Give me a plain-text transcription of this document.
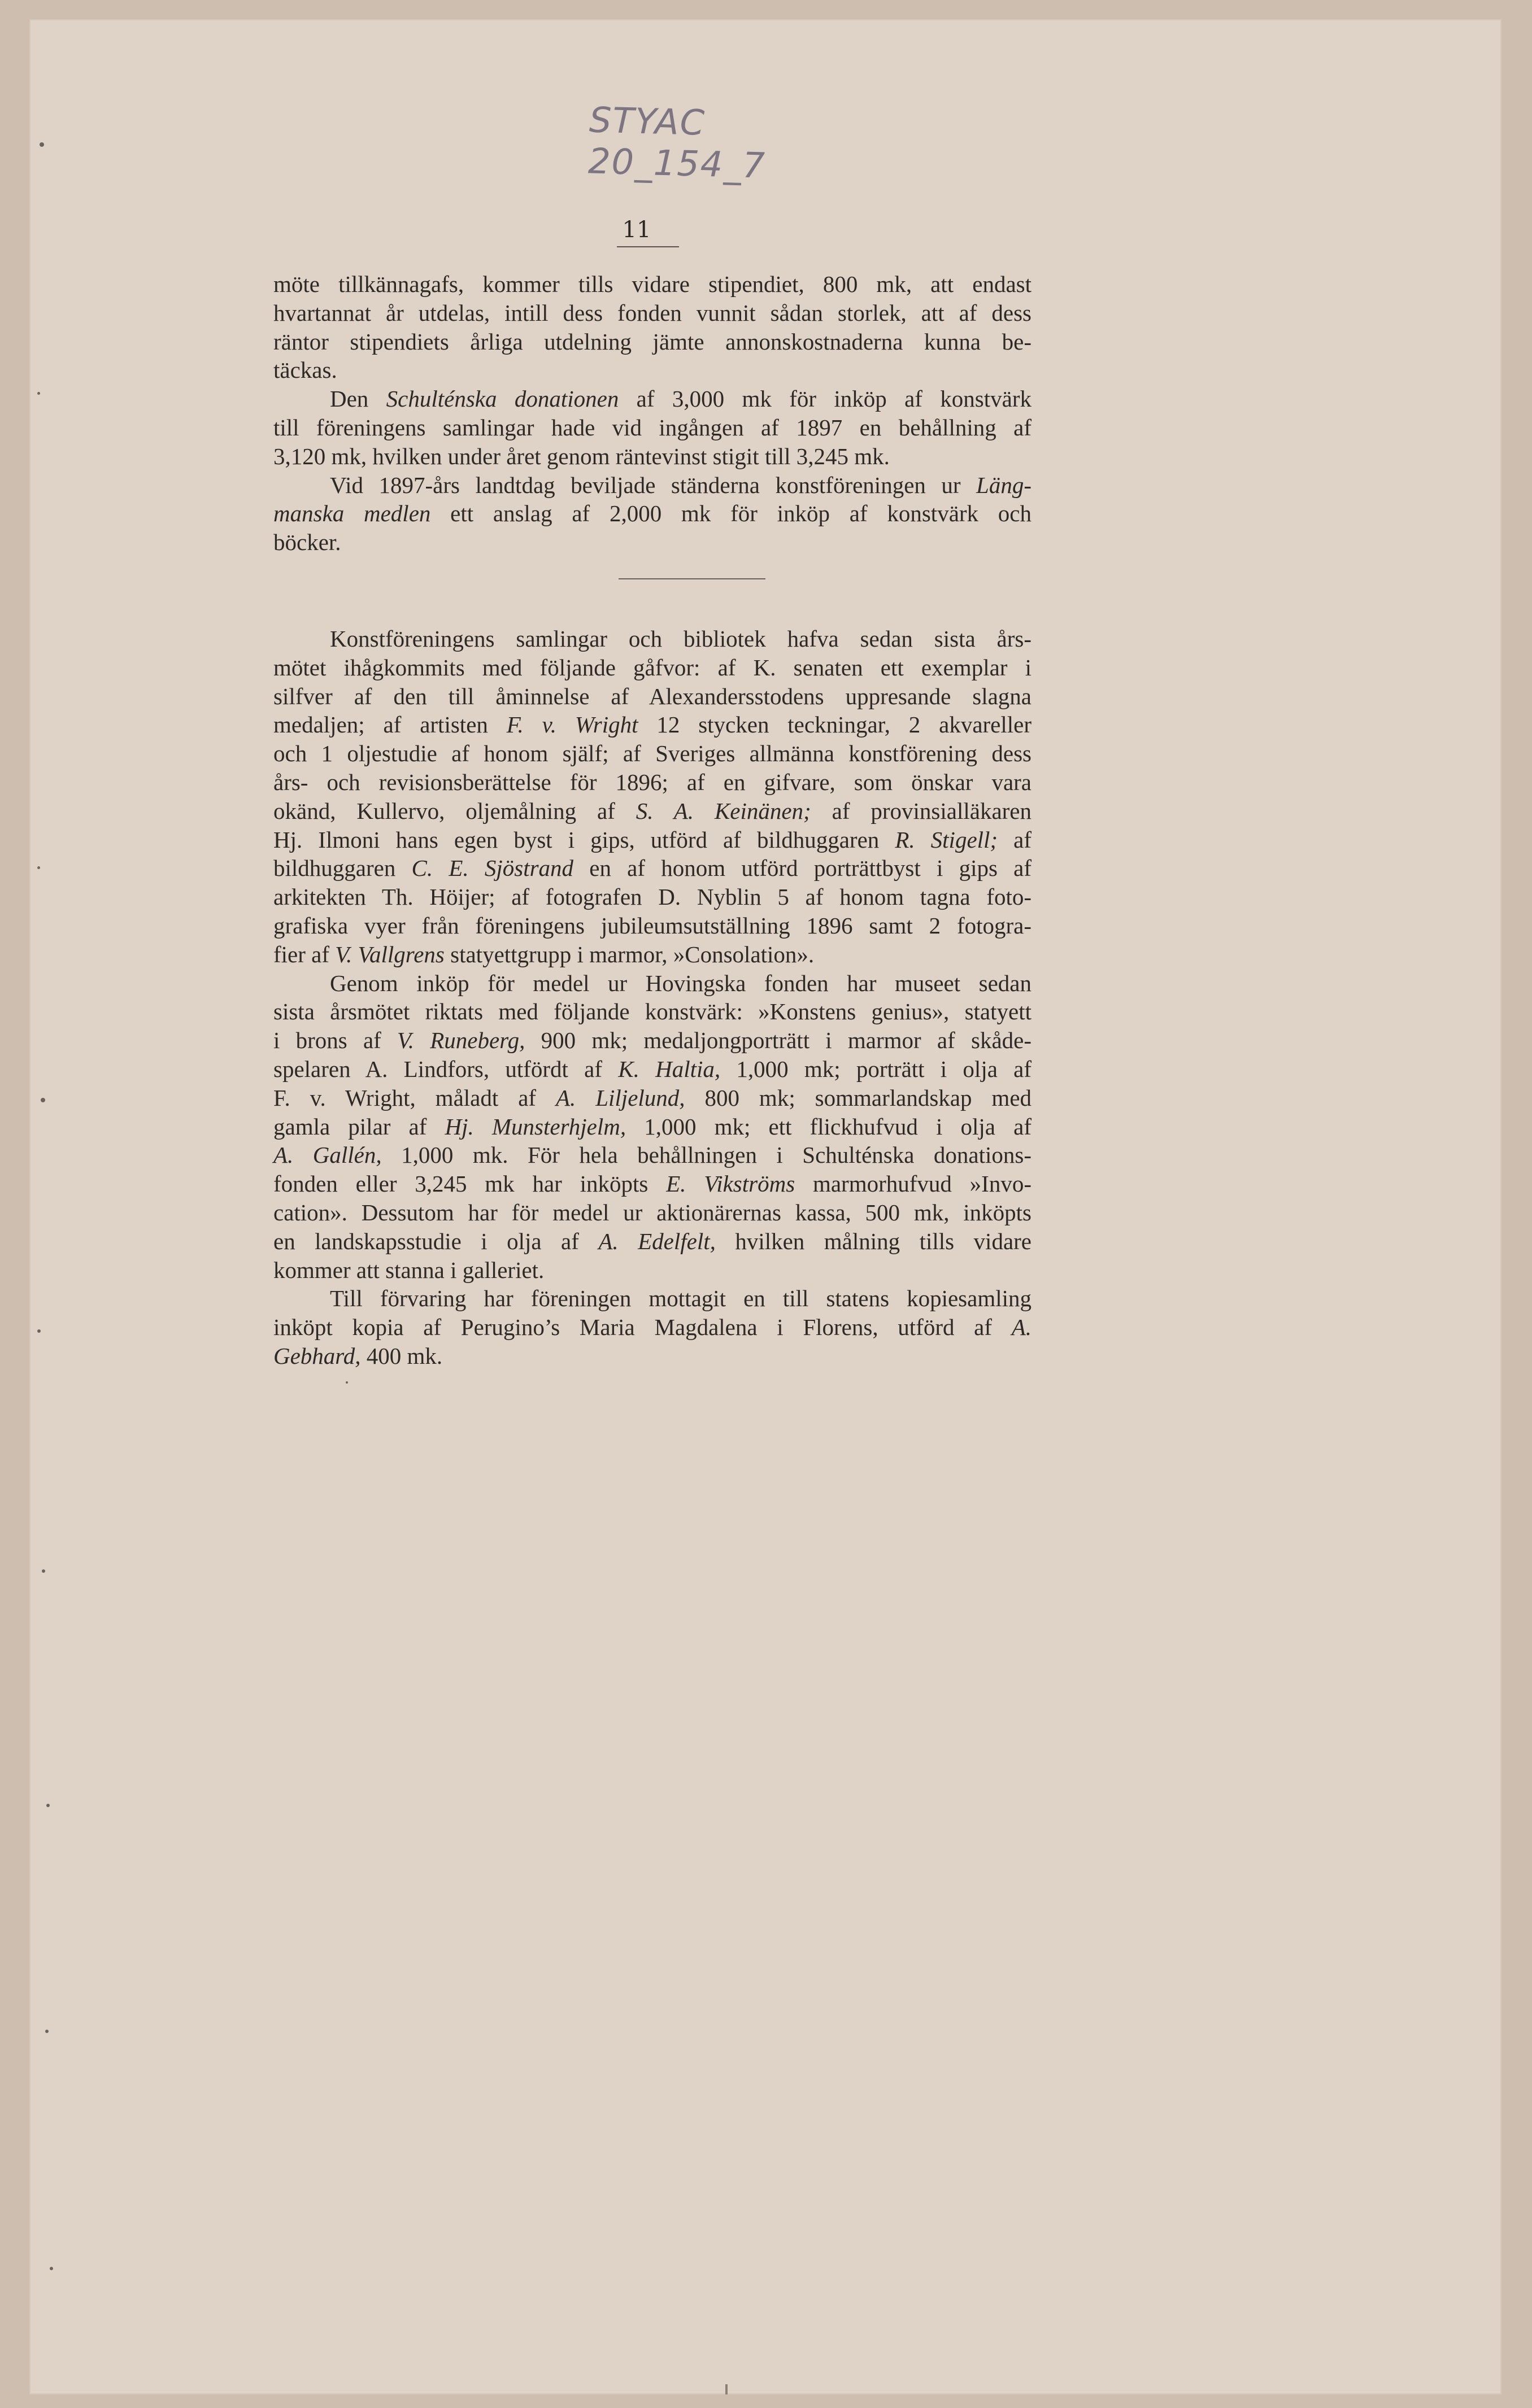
STYAC 20_154_7
11

möte tillkännagafs, kommer tills vidare stipendiet, 800 mk, att endast
hvartannat år utdelas, intill dess fonden vunnit sådan storlek, att af dess
räntor stipendiets årliga utdelning jämte annonskostnaderna kunna be-
täckas.

Den Schulténska donationen af 3,000 mk för inköp af konstvärk
till föreningens samlingar hade vid ingången af 1897 en behållning af
3,120 mk, hvilken under året genom räntevinst stigit till 3,245 mk.

Vid 1897-års landtdag beviljade ständerna konstföreningen ur Läng-
manska medlen ett anslag af 2,000 mk för inköp af konstvärk och
böcker.

Konstföreningens samlingar och bibliotek hafva sedan sista års-
mötet ihågkommits med följande gåfvor: af K. senaten ett exemplar i
silfver af den till åminnelse af Alexandersstodens uppresande slagna
medaljen; af artisten F. v. Wright 12 stycken teckningar, 2 akvareller
och 1 oljestudie af honom själf; af Sveriges allmänna konstförening dess
års- och revisionsberättelse för 1896; af en gifvare, som önskar vara
okänd, Kullervo, oljemålning af S. A. Keinänen; af provinsialläkaren
Hj. Ilmoni hans egen byst i gips, utförd af bildhuggaren R. Stigell; af
bildhuggaren C. E. Sjöstrand en af honom utförd porträttbyst i gips af
arkitekten Th. Höijer; af fotografen D. Nyblin 5 af honom tagna foto-
grafiska vyer från föreningens jubileumsutställning 1896 samt 2 fotogra-
fier af V. Vallgrens statyettgrupp i marmor, »Consolation».

Genom inköp för medel ur Hovingska fonden har museet sedan
sista årsmötet riktats med följande konstvärk: »Konstens genius», statyett
i brons af V. Runeberg, 900 mk; medaljongporträtt i marmor af skåde-
spelaren A. Lindfors, utfördt af K. Haltia, 1,000 mk; porträtt i olja af
F. v. Wright, måladt af A. Liljelund, 800 mk; sommarlandskap med
gamla pilar af Hj. Munsterhjelm, 1,000 mk; ett flickhufvud i olja af
A. Gallén, 1,000 mk. För hela behållningen i Schulténska donations-
fonden eller 3,245 mk har inköpts E. Vikströms marmorhufvud »Invo-
cation». Dessutom har för medel ur aktionärernas kassa, 500 mk, inköpts
en landskapsstudie i olja af A. Edelfelt, hvilken målning tills vidare
kommer att stanna i galleriet.

Till förvaring har föreningen mottagit en till statens kopiesamling
inköpt kopia af Perugino’s Maria Magdalena i Florens, utförd af A.
Gebhard, 400 mk.
